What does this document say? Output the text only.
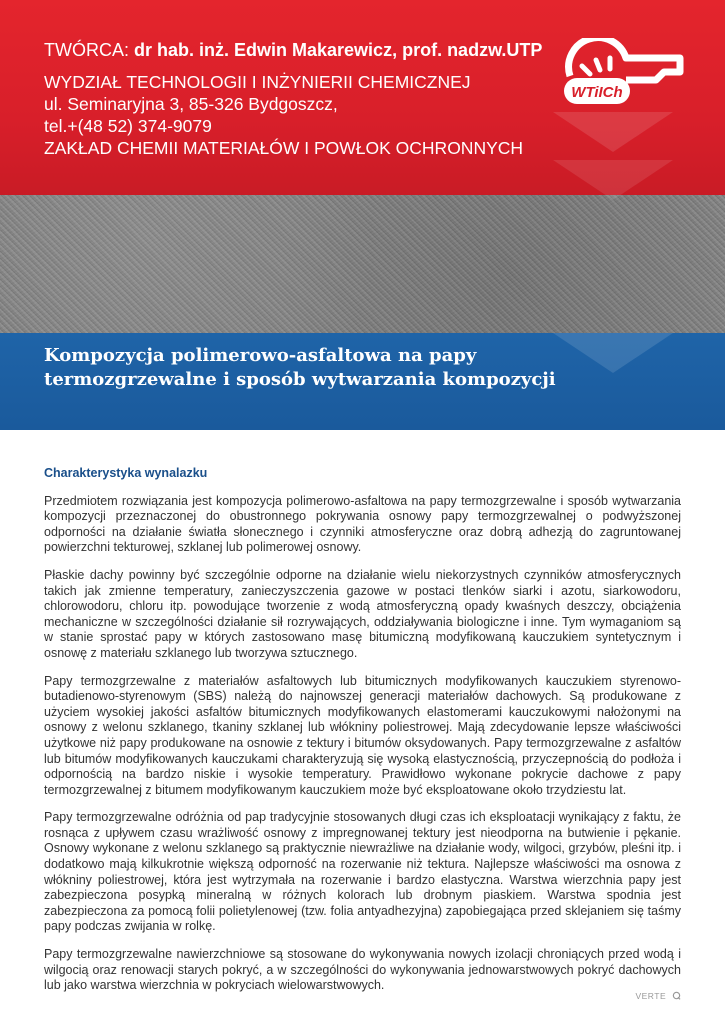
TWÓRCA: dr hab. inż. Edwin Makarewicz, prof. nadzw.UTP

WYDZIAŁ TECHNOLOGII I INŻYNIERII CHEMICZNEJ

ul. Seminaryjna 3, 85-326 Bydgoszcz,

tel.+(48 52) 374-9079

ZAKŁAD CHEMII MATERIAŁÓW I POWŁOK OCHRONNYCH

WTiICh
Kompozycja polimerowo-asfaltowa na papy
termozgrzewalne i sposób wytwarzania kompozycji

Charakterystyka wynalazku

Przedmiotem rozwiązania jest kompozycja polimerowo-asfaltowa na papy termozgrzewalne i sposób wytwarzania kompozycji przeznaczonej do obustronnego pokrywania osnowy papy termozgrzewalnej o podwyższonej odporności na działanie światła słonecznego i czynniki atmosferyczne oraz dobrą adhezją do zagruntowanej powierzchni tekturowej, szklanej lub polimerowej osnowy.

Płaskie dachy powinny być szczególnie odporne na działanie wielu niekorzystnych czynników atmosferycznych takich jak zmienne temperatury, zanieczyszczenia gazowe w postaci tlenków siarki i azotu, siarkowodoru, chlorowodoru, chloru itp. powodujące tworzenie z wodą atmosferyczną opady kwaśnych deszczy, obciążenia mechaniczne w szczególności działanie sił rozrywających, oddziaływania biologiczne i inne. Tym wymaganiom są w stanie sprostać papy w których zastosowano masę bitumiczną modyfikowaną kauczukiem syntetycznym i osnowę z materiału szklanego lub tworzywa sztucznego.

Papy termozgrzewalne z materiałów asfaltowych lub bitumicznych modyfikowanych kauczukiem styrenowo-butadienowo-styrenowym (SBS) należą do najnowszej generacji materiałów dachowych. Są produkowane z użyciem wysokiej jakości asfaltów bitumicznych modyfikowanych elastomerami kauczukowymi nałożonymi na osnowy z welonu szklanego, tkaniny szklanej lub włókniny poliestrowej. Mają zdecydowanie lepsze właściwości użytkowe niż papy produkowane na osnowie z tektury i bitumów oksydowanych. Papy termozgrzewalne z asfaltów lub bitumów modyfikowanych kauczukami charakteryzują się wysoką elastycznością, przyczepnością do podłoża i odpornością na bardzo niskie i wysokie temperatury. Prawidłowo wykonane pokrycie dachowe z papy termozgrzewalnej z bitumem modyfikowanym kauczukiem może być eksploatowane około trzydziestu lat.

Papy termozgrzewalne odróżnia od pap tradycyjnie stosowanych długi czas ich eksploatacji wynikający z faktu, że rosnąca z upływem czasu wrażliwość osnowy z impregnowanej tektury jest nieodporna na butwienie i pękanie. Osnowy wykonane z welonu szklanego są praktycznie niewrażliwe na działanie wody, wilgoci, grzybów, pleśni itp. i dodatkowo mają kilkukrotnie większą odporność na rozerwanie niż tektura. Najlepsze właściwości ma osnowa z włókniny poliestrowej, która jest wytrzymała na rozerwanie i bardzo elastyczna. Warstwa wierzchnia papy jest zabezpieczona posypką mineralną w różnych kolorach lub drobnym piaskiem. Warstwa spodnia jest zabezpieczona za pomocą folii polietylenowej (tzw. folia antyadhezyjna) zapobiegająca przed sklejaniem się taśmy papy podczas zwijania w rolkę.

Papy termozgrzewalne nawierzchniowe są stosowane do wykonywania nowych izolacji chroniących przed wodą i wilgocią oraz renowacji starych pokryć, a w szczególności do wykonywania jednowarstwowych pokryć dachowych lub jako warstwa wierzchnia w pokryciach wielowarstwowych.

VERTE
